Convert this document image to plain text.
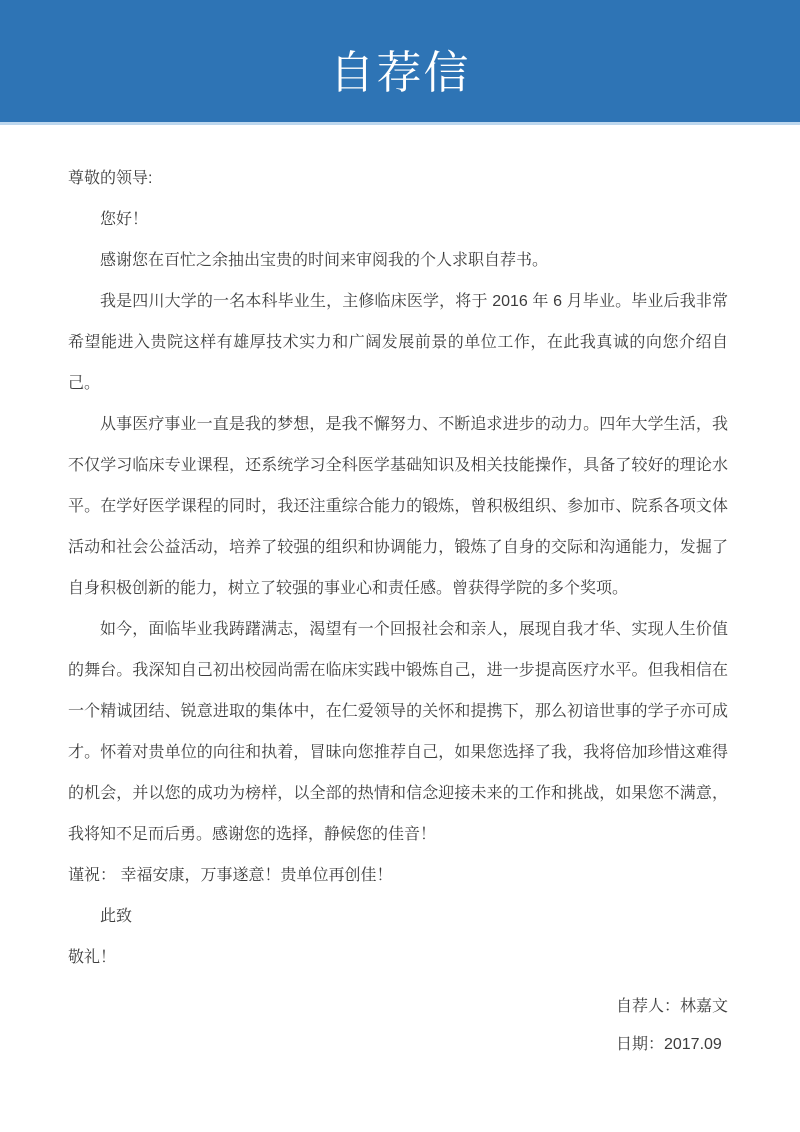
自荐信

尊敬的领导:

您好！

感谢您在百忙之余抽出宝贵的时间来审阅我的个人求职自荐书。

我是四川大学的一名本科毕业生，主修临床医学，将于 2016 年 6 月毕业。毕业后我非常希望能进入贵院这样有雄厚技术实力和广阔发展前景的单位工作，在此我真诚的向您介绍自己。

从事医疗事业一直是我的梦想，是我不懈努力、不断追求进步的动力。四年大学生活，我不仅学习临床专业课程，还系统学习全科医学基础知识及相关技能操作，具备了较好的理论水平。在学好医学课程的同时，我还注重综合能力的锻炼，曾积极组织、参加市、院系各项文体活动和社会公益活动，培养了较强的组织和协调能力，锻炼了自身的交际和沟通能力，发掘了自身积极创新的能力，树立了较强的事业心和责任感。曾获得学院的多个奖项。

如今，面临毕业我踌躇满志，渴望有一个回报社会和亲人，展现自我才华、实现人生价值的舞台。我深知自己初出校园尚需在临床实践中锻炼自己，进一步提高医疗水平。但我相信在一个精诚团结、锐意进取的集体中，在仁爱领导的关怀和提携下，那么初谙世事的学子亦可成才。怀着对贵单位的向往和执着，冒昧向您推荐自己，如果您选择了我，我将倍加珍惜这难得的机会，并以您的成功为榜样，以全部的热情和信念迎接未来的工作和挑战，如果您不满意，我将知不足而后勇。感谢您的选择，静候您的佳音！

谨祝： 幸福安康，万事遂意！贵单位再创佳！

此致

敬礼！

自荐人：林嘉文

日期：2017.09
